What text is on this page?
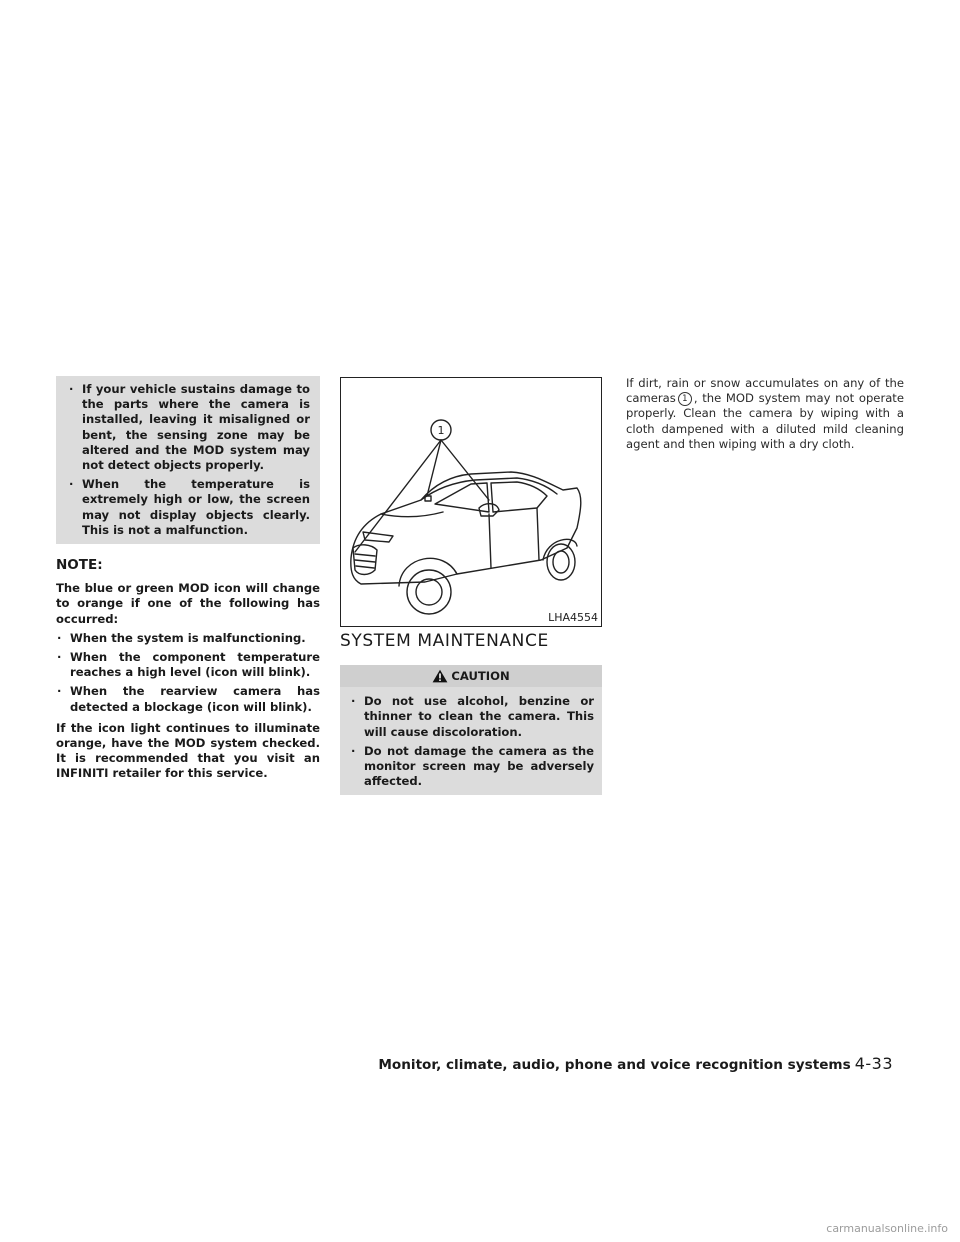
· If your vehicle sustains damage to the parts where the camera is installed, leaving it misaligned or bent, the sensing zone may be altered and the MOD system may not detect objects properly.
· When the temperature is extremely high or low, the screen may not display objects clearly. This is not a malfunction.

NOTE:

The blue or green MOD icon will change to orange if one of the following has occurred:

· When the system is malfunctioning.
· When the component temperature reaches a high level (icon will blink).
· When the rearview camera has detected a blockage (icon will blink).

If the icon light continues to illuminate orange, have the MOD system checked. It is recommended that you visit an INFINITI retailer for this service.

1
LHA4554
SYSTEM MAINTENANCE
CAUTION
· Do not use alcohol, benzine or thinner to clean the camera. This will cause discoloration.
· Do not damage the camera as the monitor screen may be adversely affected.

If dirt, rain or snow accumulates on any of the cameras 1 , the MOD system may not operate properly. Clean the camera by wiping with a cloth dampened with a diluted mild cleaning agent and then wiping with a dry cloth.

Monitor, climate, audio, phone and voice recognition systems 4-33
carmanualsonline.info
